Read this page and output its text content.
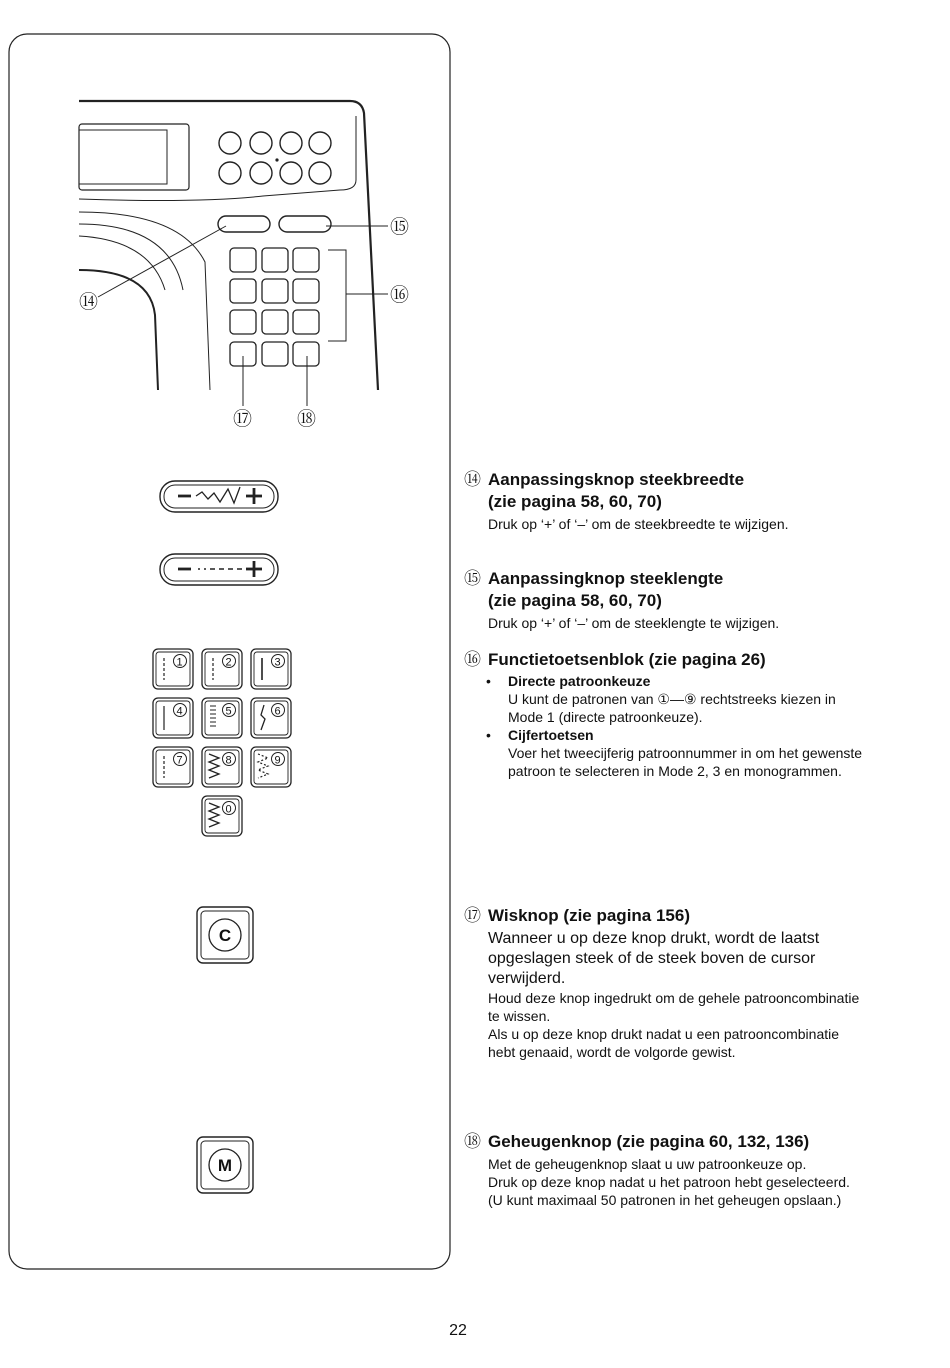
⑭
⑮
⑯
⑰ ⑱
1	2	3
4	5	6
7	8	9
0
C
M
⑭ Aanpassingsknop steekbreedte
(zie pagina 58, 60, 70)
Druk op ‘+’ of ‘–’ om de steekbreedte te wijzigen.
⑮ Aanpassingknop steeklengte
(zie pagina 58, 60, 70)
Druk op ‘+’ of ‘–’ om de steeklengte te wijzigen.
⑯ Functietoetsenblok (zie pagina 26)
•	Directe patroonkeuze
U kunt de patronen van ①—⑨ rechtstreeks kiezen in
Mode 1 (directe patroonkeuze).
•	Cijfertoetsen
Voer het tweecijferig patroonnummer in om het gewenste
patroon te selecteren in Mode 2, 3 en monogrammen.
⑰ Wisknop (zie pagina 156)
Wanneer u op deze knop drukt, wordt de laatst
opgeslagen steek of de steek boven de cursor
verwijderd.
Houd deze knop ingedrukt om de gehele patrooncombinatie
te wissen.
Als u op deze knop drukt nadat u een patrooncombinatie
hebt genaaid, wordt de volgorde gewist.
⑱ Geheugenknop (zie pagina 60, 132, 136)
Met de geheugenknop slaat u uw patroonkeuze op.
Druk op deze knop nadat u het patroon hebt geselecteerd.
(U kunt maximaal 50 patronen in het geheugen opslaan.)
22
